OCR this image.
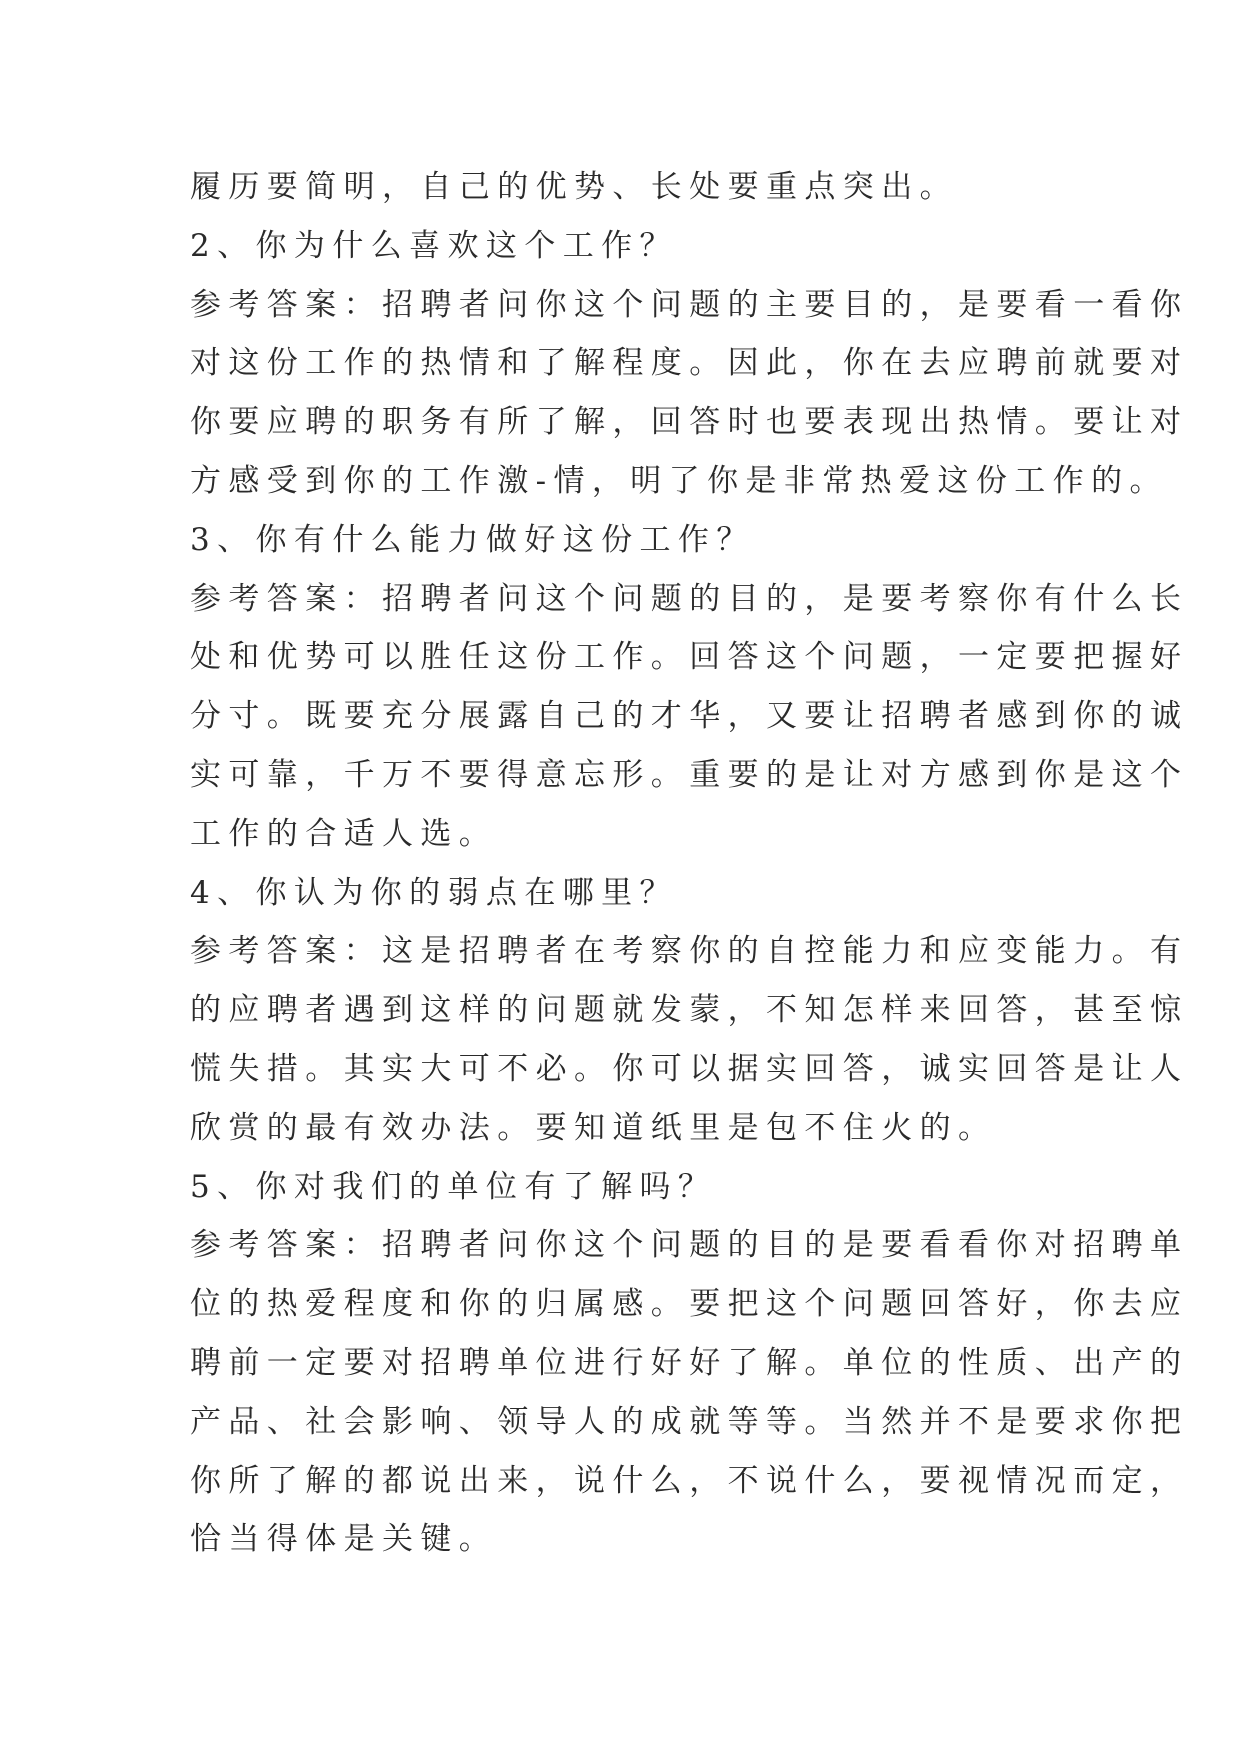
履历要简明，自己的优势、长处要重点突出。
2、你为什么喜欢这个工作？
参考答案：招聘者问你这个问题的主要目的，是要看一看你
对这份工作的热情和了解程度。因此，你在去应聘前就要对
你要应聘的职务有所了解，回答时也要表现出热情。要让对
方感受到你的工作激-情，明了你是非常热爱这份工作的。
3、你有什么能力做好这份工作？
参考答案：招聘者问这个问题的目的，是要考察你有什么长
处和优势可以胜任这份工作。回答这个问题，一定要把握好
分寸。既要充分展露自己的才华，又要让招聘者感到你的诚
实可靠，千万不要得意忘形。重要的是让对方感到你是这个
工作的合适人选。
4、你认为你的弱点在哪里？
参考答案：这是招聘者在考察你的自控能力和应变能力。有
的应聘者遇到这样的问题就发蒙，不知怎样来回答，甚至惊
慌失措。其实大可不必。你可以据实回答，诚实回答是让人
欣赏的最有效办法。要知道纸里是包不住火的。
5、你对我们的单位有了解吗？
参考答案：招聘者问你这个问题的目的是要看看你对招聘单
位的热爱程度和你的归属感。要把这个问题回答好，你去应
聘前一定要对招聘单位进行好好了解。单位的性质、出产的
产品、社会影响、领导人的成就等等。当然并不是要求你把
你所了解的都说出来，说什么，不说什么，要视情况而定，
恰当得体是关键。
